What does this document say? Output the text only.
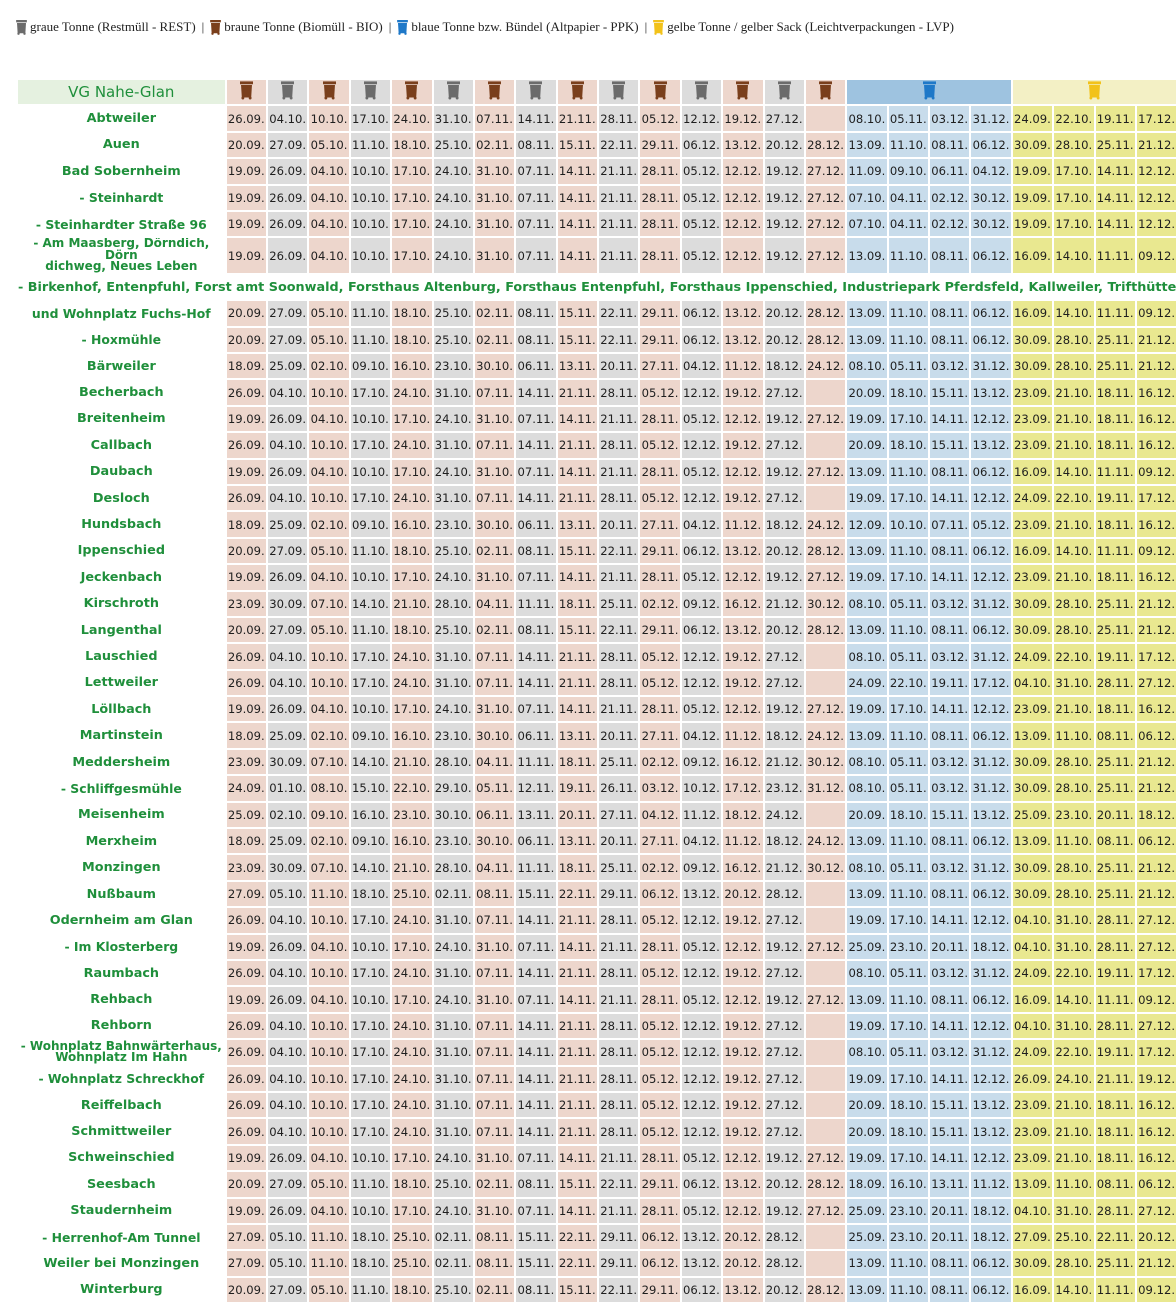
graue Tonne (Restmüll - REST) | braune Tonne (Biomüll - BIO) | blaue Tonne bzw. Bündel (Altpapier - PPK) | gelbe Tonne / gelber Sack (Leichtverpackungen - LVP)
VG Nahe-Glan																	
Abtweiler	26.09.	04.10.	10.10.	17.10.	24.10.	31.10.	07.11.	14.11.	21.11.	28.11.	05.12.	12.12.	19.12.	27.12.		08.10.	05.11.	03.12.	31.12.	24.09.	22.10.	19.11.	17.12.
Auen	20.09.	27.09.	05.10.	11.10.	18.10.	25.10.	02.11.	08.11.	15.11.	22.11.	29.11.	06.12.	13.12.	20.12.	28.12.	13.09.	11.10.	08.11.	06.12.	30.09.	28.10.	25.11.	21.12.
Bad Sobernheim	19.09.	26.09.	04.10.	10.10.	17.10.	24.10.	31.10.	07.11.	14.11.	21.11.	28.11.	05.12.	12.12.	19.12.	27.12.	11.09.	09.10.	06.11.	04.12.	19.09.	17.10.	14.11.	12.12.
- Steinhardt	19.09.	26.09.	04.10.	10.10.	17.10.	24.10.	31.10.	07.11.	14.11.	21.11.	28.11.	05.12.	12.12.	19.12.	27.12.	07.10.	04.11.	02.12.	30.12.	19.09.	17.10.	14.11.	12.12.
- Steinhardter Straße 96	19.09.	26.09.	04.10.	10.10.	17.10.	24.10.	31.10.	07.11.	14.11.	21.11.	28.11.	05.12.	12.12.	19.12.	27.12.	07.10.	04.11.	02.12.	30.12.	19.09.	17.10.	14.11.	12.12.

- Am Maasberg, Dörndich, Dörn
dichweg, Neues Leben	19.09.	26.09.	04.10.	10.10.	17.10.	24.10.	31.10.	07.11.	14.11.	21.11.	28.11.	05.12.	12.12.	19.12.	27.12.	13.09.	11.10.	08.11.	06.12.	16.09.	14.10.	11.11.	09.12.
- Birkenhof, Entenpfuhl, Forst amt Soonwald, Forsthaus Altenburg, Forsthaus Entenpfuhl, Forsthaus Ippenschied, Industriepark Pferdsfeld, Kallweiler, Trifthütte																							
und Wohnplatz Fuchs-Hof	20.09.	27.09.	05.10.	11.10.	18.10.	25.10.	02.11.	08.11.	15.11.	22.11.	29.11.	06.12.	13.12.	20.12.	28.12.	13.09.	11.10.	08.11.	06.12.	16.09.	14.10.	11.11.	09.12.
- Hoxmühle	20.09.	27.09.	05.10.	11.10.	18.10.	25.10.	02.11.	08.11.	15.11.	22.11.	29.11.	06.12.	13.12.	20.12.	28.12.	13.09.	11.10.	08.11.	06.12.	30.09.	28.10.	25.11.	21.12.
Bärweiler	18.09.	25.09.	02.10.	09.10.	16.10.	23.10.	30.10.	06.11.	13.11.	20.11.	27.11.	04.12.	11.12.	18.12.	24.12.	08.10.	05.11.	03.12.	31.12.	30.09.	28.10.	25.11.	21.12.
Becherbach	26.09.	04.10.	10.10.	17.10.	24.10.	31.10.	07.11.	14.11.	21.11.	28.11.	05.12.	12.12.	19.12.	27.12.		20.09.	18.10.	15.11.	13.12.	23.09.	21.10.	18.11.	16.12.
Breitenheim	19.09.	26.09.	04.10.	10.10.	17.10.	24.10.	31.10.	07.11.	14.11.	21.11.	28.11.	05.12.	12.12.	19.12.	27.12.	19.09.	17.10.	14.11.	12.12.	23.09.	21.10.	18.11.	16.12.
Callbach	26.09.	04.10.	10.10.	17.10.	24.10.	31.10.	07.11.	14.11.	21.11.	28.11.	05.12.	12.12.	19.12.	27.12.		20.09.	18.10.	15.11.	13.12.	23.09.	21.10.	18.11.	16.12.
Daubach	19.09.	26.09.	04.10.	10.10.	17.10.	24.10.	31.10.	07.11.	14.11.	21.11.	28.11.	05.12.	12.12.	19.12.	27.12.	13.09.	11.10.	08.11.	06.12.	16.09.	14.10.	11.11.	09.12.
Desloch	26.09.	04.10.	10.10.	17.10.	24.10.	31.10.	07.11.	14.11.	21.11.	28.11.	05.12.	12.12.	19.12.	27.12.		19.09.	17.10.	14.11.	12.12.	24.09.	22.10.	19.11.	17.12.
Hundsbach	18.09.	25.09.	02.10.	09.10.	16.10.	23.10.	30.10.	06.11.	13.11.	20.11.	27.11.	04.12.	11.12.	18.12.	24.12.	12.09.	10.10.	07.11.	05.12.	23.09.	21.10.	18.11.	16.12.
Ippenschied	20.09.	27.09.	05.10.	11.10.	18.10.	25.10.	02.11.	08.11.	15.11.	22.11.	29.11.	06.12.	13.12.	20.12.	28.12.	13.09.	11.10.	08.11.	06.12.	16.09.	14.10.	11.11.	09.12.
Jeckenbach	19.09.	26.09.	04.10.	10.10.	17.10.	24.10.	31.10.	07.11.	14.11.	21.11.	28.11.	05.12.	12.12.	19.12.	27.12.	19.09.	17.10.	14.11.	12.12.	23.09.	21.10.	18.11.	16.12.
Kirschroth	23.09.	30.09.	07.10.	14.10.	21.10.	28.10.	04.11.	11.11.	18.11.	25.11.	02.12.	09.12.	16.12.	21.12.	30.12.	08.10.	05.11.	03.12.	31.12.	30.09.	28.10.	25.11.	21.12.
Langenthal	20.09.	27.09.	05.10.	11.10.	18.10.	25.10.	02.11.	08.11.	15.11.	22.11.	29.11.	06.12.	13.12.	20.12.	28.12.	13.09.	11.10.	08.11.	06.12.	30.09.	28.10.	25.11.	21.12.
Lauschied	26.09.	04.10.	10.10.	17.10.	24.10.	31.10.	07.11.	14.11.	21.11.	28.11.	05.12.	12.12.	19.12.	27.12.		08.10.	05.11.	03.12.	31.12.	24.09.	22.10.	19.11.	17.12.
Lettweiler	26.09.	04.10.	10.10.	17.10.	24.10.	31.10.	07.11.	14.11.	21.11.	28.11.	05.12.	12.12.	19.12.	27.12.		24.09.	22.10.	19.11.	17.12.	04.10.	31.10.	28.11.	27.12.
Löllbach	19.09.	26.09.	04.10.	10.10.	17.10.	24.10.	31.10.	07.11.	14.11.	21.11.	28.11.	05.12.	12.12.	19.12.	27.12.	19.09.	17.10.	14.11.	12.12.	23.09.	21.10.	18.11.	16.12.
Martinstein	18.09.	25.09.	02.10.	09.10.	16.10.	23.10.	30.10.	06.11.	13.11.	20.11.	27.11.	04.12.	11.12.	18.12.	24.12.	13.09.	11.10.	08.11.	06.12.	13.09.	11.10.	08.11.	06.12.
Meddersheim	23.09.	30.09.	07.10.	14.10.	21.10.	28.10.	04.11.	11.11.	18.11.	25.11.	02.12.	09.12.	16.12.	21.12.	30.12.	08.10.	05.11.	03.12.	31.12.	30.09.	28.10.	25.11.	21.12.
- Schliffgesmühle	24.09.	01.10.	08.10.	15.10.	22.10.	29.10.	05.11.	12.11.	19.11.	26.11.	03.12.	10.12.	17.12.	23.12.	31.12.	08.10.	05.11.	03.12.	31.12.	30.09.	28.10.	25.11.	21.12.
Meisenheim	25.09.	02.10.	09.10.	16.10.	23.10.	30.10.	06.11.	13.11.	20.11.	27.11.	04.12.	11.12.	18.12.	24.12.		20.09.	18.10.	15.11.	13.12.	25.09.	23.10.	20.11.	18.12.
Merxheim	18.09.	25.09.	02.10.	09.10.	16.10.	23.10.	30.10.	06.11.	13.11.	20.11.	27.11.	04.12.	11.12.	18.12.	24.12.	13.09.	11.10.	08.11.	06.12.	13.09.	11.10.	08.11.	06.12.
Monzingen	23.09.	30.09.	07.10.	14.10.	21.10.	28.10.	04.11.	11.11.	18.11.	25.11.	02.12.	09.12.	16.12.	21.12.	30.12.	08.10.	05.11.	03.12.	31.12.	30.09.	28.10.	25.11.	21.12.
Nußbaum	27.09.	05.10.	11.10.	18.10.	25.10.	02.11.	08.11.	15.11.	22.11.	29.11.	06.12.	13.12.	20.12.	28.12.		13.09.	11.10.	08.11.	06.12.	30.09.	28.10.	25.11.	21.12.
Odernheim am Glan	26.09.	04.10.	10.10.	17.10.	24.10.	31.10.	07.11.	14.11.	21.11.	28.11.	05.12.	12.12.	19.12.	27.12.		19.09.	17.10.	14.11.	12.12.	04.10.	31.10.	28.11.	27.12.
- Im Klosterberg	19.09.	26.09.	04.10.	10.10.	17.10.	24.10.	31.10.	07.11.	14.11.	21.11.	28.11.	05.12.	12.12.	19.12.	27.12.	25.09.	23.10.	20.11.	18.12.	04.10.	31.10.	28.11.	27.12.
Raumbach	26.09.	04.10.	10.10.	17.10.	24.10.	31.10.	07.11.	14.11.	21.11.	28.11.	05.12.	12.12.	19.12.	27.12.		08.10.	05.11.	03.12.	31.12.	24.09.	22.10.	19.11.	17.12.
Rehbach	19.09.	26.09.	04.10.	10.10.	17.10.	24.10.	31.10.	07.11.	14.11.	21.11.	28.11.	05.12.	12.12.	19.12.	27.12.	13.09.	11.10.	08.11.	06.12.	16.09.	14.10.	11.11.	09.12.
Rehborn	26.09.	04.10.	10.10.	17.10.	24.10.	31.10.	07.11.	14.11.	21.11.	28.11.	05.12.	12.12.	19.12.	27.12.		19.09.	17.10.	14.11.	12.12.	04.10.	31.10.	28.11.	27.12.

- Wohnplatz Bahnwärterhaus,
Wohnplatz Im Hahn	26.09.	04.10.	10.10.	17.10.	24.10.	31.10.	07.11.	14.11.	21.11.	28.11.	05.12.	12.12.	19.12.	27.12.		08.10.	05.11.	03.12.	31.12.	24.09.	22.10.	19.11.	17.12.
- Wohnplatz Schreckhof	26.09.	04.10.	10.10.	17.10.	24.10.	31.10.	07.11.	14.11.	21.11.	28.11.	05.12.	12.12.	19.12.	27.12.		19.09.	17.10.	14.11.	12.12.	26.09.	24.10.	21.11.	19.12.
Reiffelbach	26.09.	04.10.	10.10.	17.10.	24.10.	31.10.	07.11.	14.11.	21.11.	28.11.	05.12.	12.12.	19.12.	27.12.		20.09.	18.10.	15.11.	13.12.	23.09.	21.10.	18.11.	16.12.
Schmittweiler	26.09.	04.10.	10.10.	17.10.	24.10.	31.10.	07.11.	14.11.	21.11.	28.11.	05.12.	12.12.	19.12.	27.12.		20.09.	18.10.	15.11.	13.12.	23.09.	21.10.	18.11.	16.12.
Schweinschied	19.09.	26.09.	04.10.	10.10.	17.10.	24.10.	31.10.	07.11.	14.11.	21.11.	28.11.	05.12.	12.12.	19.12.	27.12.	19.09.	17.10.	14.11.	12.12.	23.09.	21.10.	18.11.	16.12.
Seesbach	20.09.	27.09.	05.10.	11.10.	18.10.	25.10.	02.11.	08.11.	15.11.	22.11.	29.11.	06.12.	13.12.	20.12.	28.12.	18.09.	16.10.	13.11.	11.12.	13.09.	11.10.	08.11.	06.12.
Staudernheim	19.09.	26.09.	04.10.	10.10.	17.10.	24.10.	31.10.	07.11.	14.11.	21.11.	28.11.	05.12.	12.12.	19.12.	27.12.	25.09.	23.10.	20.11.	18.12.	04.10.	31.10.	28.11.	27.12.
- Herrenhof-Am Tunnel	27.09.	05.10.	11.10.	18.10.	25.10.	02.11.	08.11.	15.11.	22.11.	29.11.	06.12.	13.12.	20.12.	28.12.		25.09.	23.10.	20.11.	18.12.	27.09.	25.10.	22.11.	20.12.
Weiler bei Monzingen	27.09.	05.10.	11.10.	18.10.	25.10.	02.11.	08.11.	15.11.	22.11.	29.11.	06.12.	13.12.	20.12.	28.12.		13.09.	11.10.	08.11.	06.12.	30.09.	28.10.	25.11.	21.12.
Winterburg	20.09.	27.09.	05.10.	11.10.	18.10.	25.10.	02.11.	08.11.	15.11.	22.11.	29.11.	06.12.	13.12.	20.12.	28.12.	13.09.	11.10.	08.11.	06.12.	16.09.	14.10.	11.11.	09.12.
